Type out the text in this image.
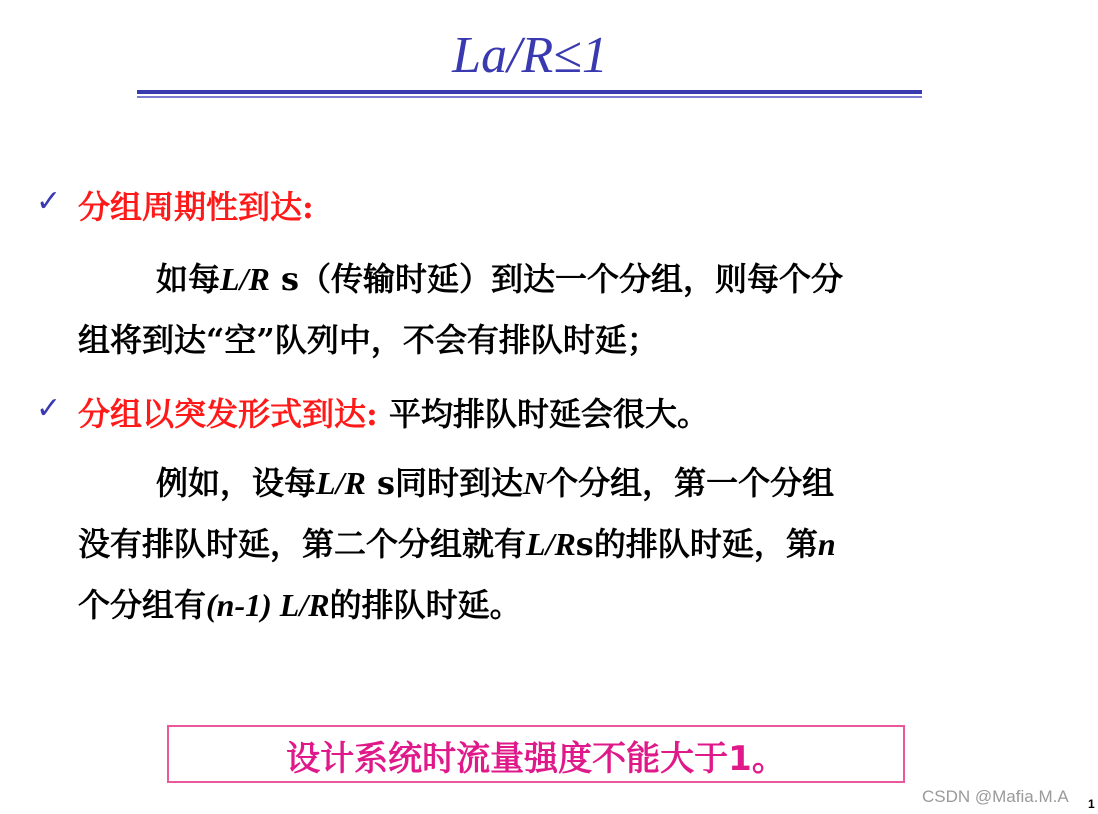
La/R≤1
✓ 分组周期性到达:
如每L/R s（传输时延）到达一个分组，则每个分
组将到达“空”队列中，不会有排队时延；
✓ 分组以突发形式到达: 平均排队时延会很大。
例如，设每L/R s同时到达N个分组，第一个分组
没有排队时延，第二个分组就有L/Rs的排队时延，第n
个分组有(n-1) L/R的排队时延。
设计系统时流量强度不能大于1。
CSDN @Mafia.M.A 1
